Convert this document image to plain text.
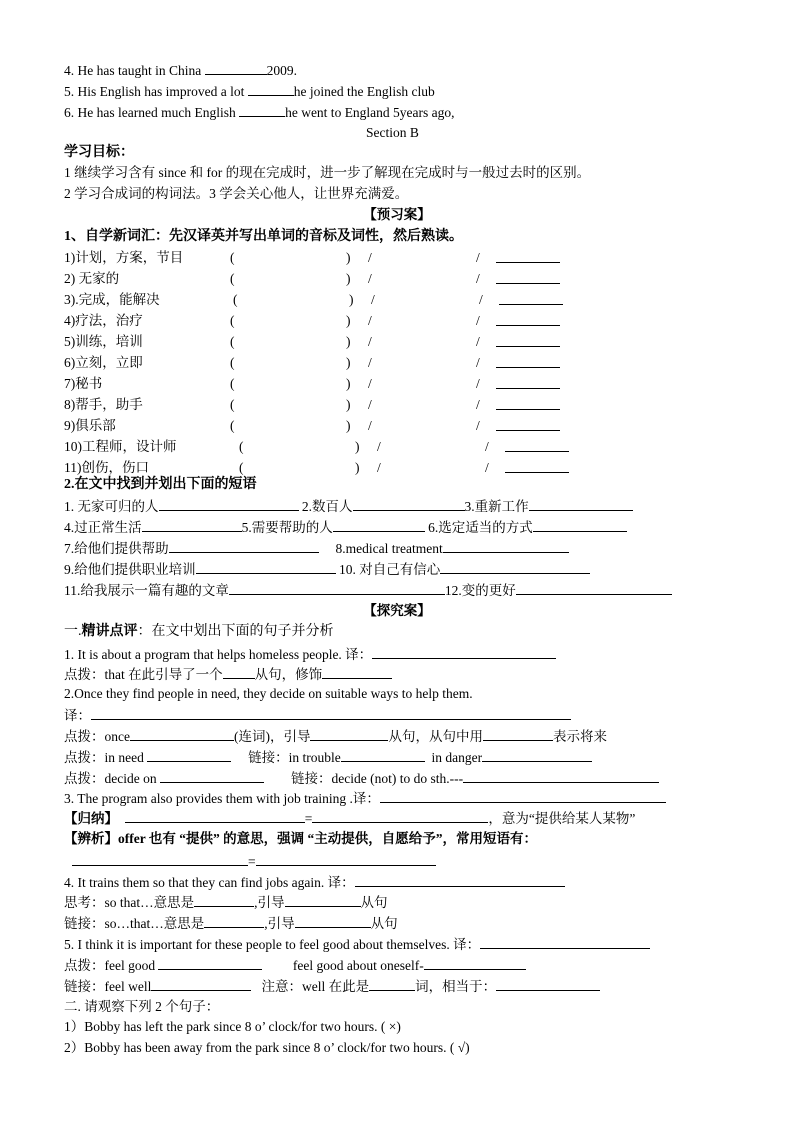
4. He has taught in China	2009.
5. His English has improved a lot	he joined the English club
6. He has learned much English	he went to England 5years ago,
Section B
学习目标：
1 继续学习含有 since 和 for 的现在完成时，进一步了解现在完成时与一般过去时的区别。
2 学习合成词的构词法。3 学会关心他人，让世界充满爱。
【预习案】
1、自学新词汇：先汉译英并写出单词的音标及词性，然后熟读。
1)计划，方案，节目	(	) /	/
2) 无家的	(	) /	/
3).完成，能解决	(	) /	/
4)疗法，治疗	(	) /	/
5)训练，培训	(	) /	/
6)立刻，立即	(	) /	/
7)秘书	(	) /	/
8)帮手，助手	(	) /	/
9)俱乐部	(	) /	/
10)工程师，设计师	(	) /	/
11)创伤，伤口	(	) /	/
2.在文中找到并划出下面的短语
1. 无家可归的人	2.数百人	3.重新工作
4.过正常生活	5.需要帮助的人	6.选定适当的方式
7.给他们提供帮助	8.medical treatment
9.给他们提供职业培训	10. 对自己有信心
11.给我展示一篇有趣的文章	12.变的更好
【探究案】
一.精讲点评：在文中划出下面的句子并分析
1. It is about a program that helps homeless people. 译：
点拨：that 在此引导了一个 从句，修饰
2.Once they find people in need, they decide on suitable ways to help them.
译：
点拨：once	(连词)，引导	从句，从句中用	表示将来
点拨：in need	链接：in trouble	in danger
点拨：decide on	链接：decide (not) to do sth.---
3. The program also provides them with job training .译：
【归纳】	=	，意为“提供给某人某物”
【辨析】offer 也有 “提供” 的意思，强调 “主动提供，自愿给予”，常用短语有：
=
4. It trains them so that they can find jobs again. 译：
思考：so that…意思是	,引导	从句
链接：so…that…意思是	,引导	从句
5. I think it is important for these people to feel good about themselves. 译：
点拨：feel good	feel good about oneself-
链接：feel well	注意：well 在此是	词，相当于：
二. 请观察下列 2 个句子：
1）Bobby has left the park since 8 o’ clock/for two hours. ( ×)
2）Bobby has been away from the park since 8 o’ clock/for two hours. ( √)
